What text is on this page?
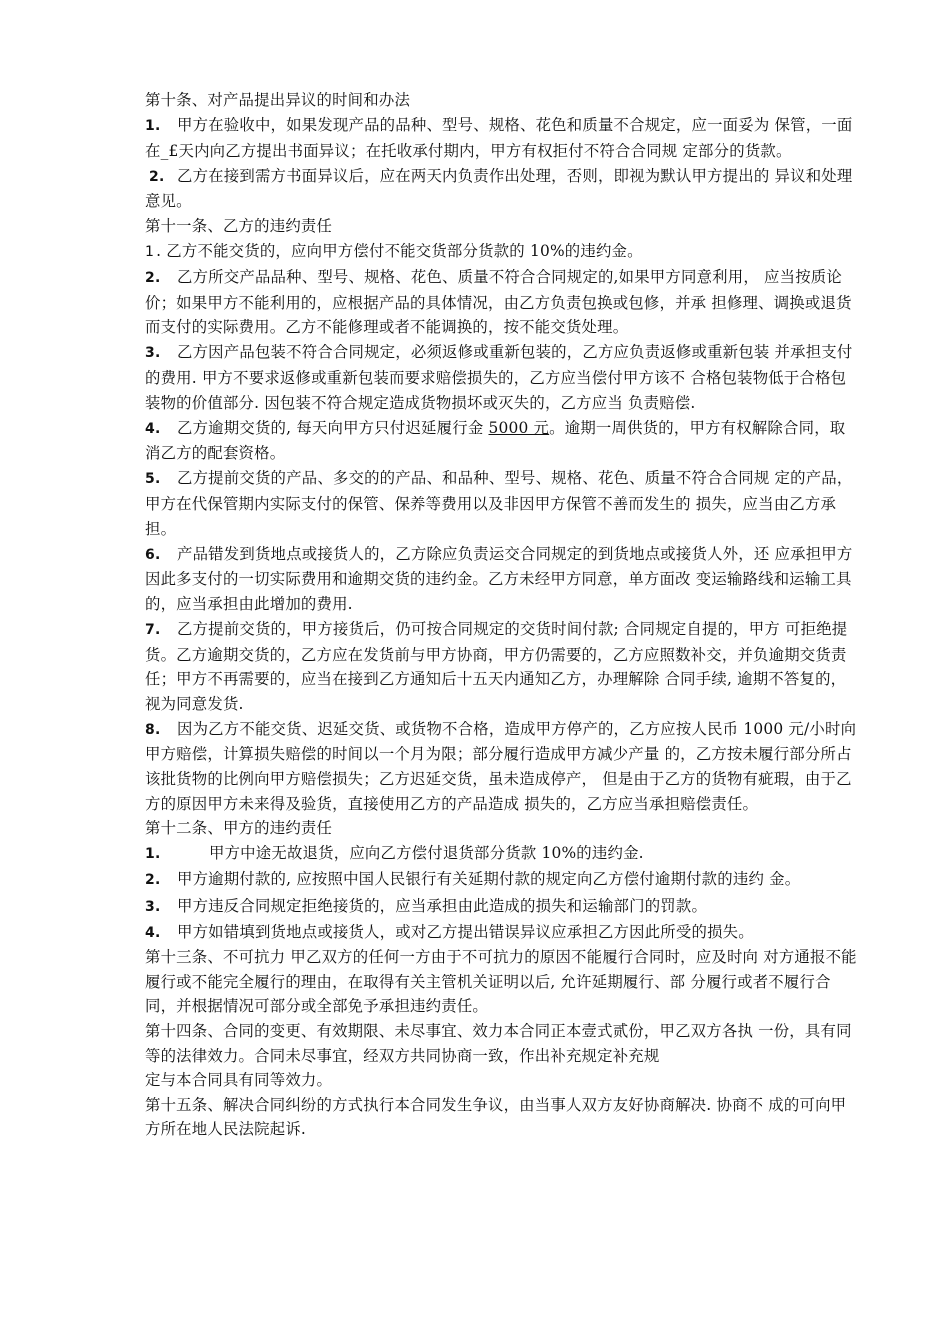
第十条、对产品提出异议的时间和办法

1. 甲方在验收中，如果发现产品的品种、型号、规格、花色和质量不合规定，应一面妥为 保管，一面在_£天内向乙方提出书面异议；在托收承付期内，甲方有权拒付不符合合同规 定部分的货款。

2. 乙方在接到需方书面异议后，应在两天内负责作出处理，否则，即视为默认甲方提出的 异议和处理意见。

第十一条、乙方的违约责任

1 . 乙方不能交货的，应向甲方偿付不能交货部分货款的 10%的违约金。

2. 乙方所交产品品种、型号、规格、花色、质量不符合合同规定的,如果甲方同意利用， 应当按质论价；如果甲方不能利用的，应根据产品的具体情况，由乙方负责包换或包修，并承 担修理、调换或退货而支付的实际费用。乙方不能修理或者不能调换的，按不能交货处理。

3. 乙方因产品包装不符合合同规定，必须返修或重新包装的，乙方应负责返修或重新包装 并承担支付的费用. 甲方不要求返修或重新包装而要求赔偿损失的，乙方应当偿付甲方该不 合格包装物低于合格包装物的价值部分. 因包装不符合规定造成货物损坏或灭失的，乙方应当 负责赔偿.

4. 乙方逾期交货的, 每天向甲方只付迟延履行金 5000 元。逾期一周供货的，甲方有权解除合同，取消乙方的配套资格。

5. 乙方提前交货的产品、多交的的产品、和品种、型号、规格、花色、质量不符合合同规 定的产品，甲方在代保管期内实际支付的保管、保养等费用以及非因甲方保管不善而发生的 损失，应当由乙方承担。

6. 产品错发到货地点或接货人的，乙方除应负责运交合同规定的到货地点或接货人外，还 应承担甲方因此多支付的一切实际费用和逾期交货的违约金。乙方未经甲方同意，单方面改 变运输路线和运输工具的，应当承担由此增加的费用.

7. 乙方提前交货的，甲方接货后，仍可按合同规定的交货时间付款; 合同规定自提的，甲方 可拒绝提货。乙方逾期交货的，乙方应在发货前与甲方协商，甲方仍需要的，乙方应照数补交，并负逾期交货责任；甲方不再需要的，应当在接到乙方通知后十五天内通知乙方，办理解除 合同手续, 逾期不答复的，视为同意发货.

8. 因为乙方不能交货、迟延交货、或货物不合格，造成甲方停产的，乙方应按人民币 1000 元/小时向甲方赔偿，计算损失赔偿的时间以一个月为限；部分履行造成甲方减少产量 的，乙方按未履行部分所占该批货物的比例向甲方赔偿损失；乙方迟延交货，虽未造成停产， 但是由于乙方的货物有疵瑕，由于乙方的原因甲方未来得及验货，直接使用乙方的产品造成 损失的，乙方应当承担赔偿责任。

第十二条、甲方的违约责任

1.	甲方中途无故退货，应向乙方偿付退货部分货款 10%的违约金.

2. 甲方逾期付款的, 应按照中国人民银行有关延期付款的规定向乙方偿付逾期付款的违约 金。

3. 甲方违反合同规定拒绝接货的，应当承担由此造成的损失和运输部门的罚款。

4. 甲方如错填到货地点或接货人，或对乙方提出错误异议应承担乙方因此所受的损失。

第十三条、不可抗力 甲乙双方的任何一方由于不可抗力的原因不能履行合同时，应及时向 对方通报不能履行或不能完全履行的理由，在取得有关主管机关证明以后, 允许延期履行、部 分履行或者不履行合同，并根据情况可部分或全部免予承担违约责任。

第十四条、合同的变更、有效期限、未尽事宜、效力本合同正本壹式贰份，甲乙双方各执 一份，具有同等的法律效力。合同未尽事宜，经双方共同协商一致，作出补充规定补充规

定与本合同具有同等效力。

第十五条、解决合同纠纷的方式执行本合同发生争议，由当事人双方友好协商解决. 协商不 成的可向甲方所在地人民法院起诉.
